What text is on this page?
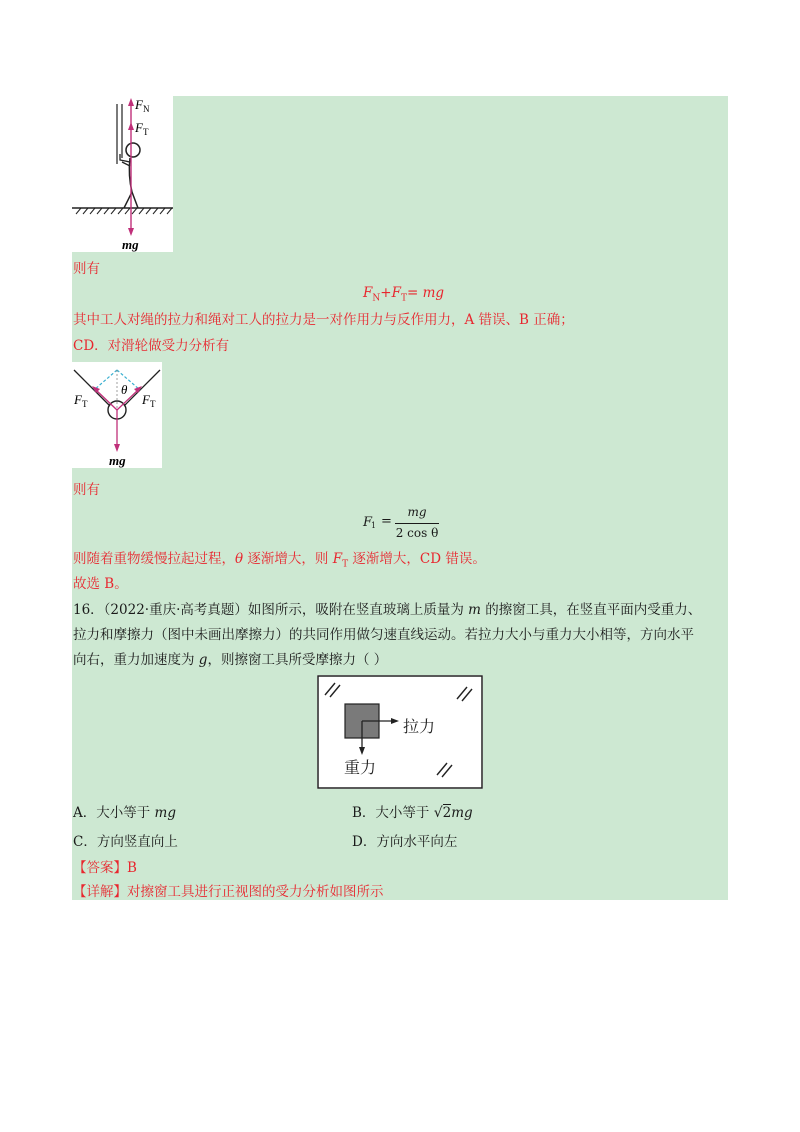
F N
F T
mg
则有
$F_N+F_T=$ mg
其中工人对绳的拉力和绳对工人的拉力是一对作用力与反作用力，A 错误、B 正确；
CD．对滑轮做受力分析有
θ
F T	F T
mg
则有
F
1 =
mg
2 cos θ
则随着重物缓慢拉起过程，θ 逐渐增大，则 $F_T$ 逐渐增大，CD 错误。
故选 B。
16．（2022·重庆·高考真题）如图所示，吸附在竖直玻璃上质量为 m 的擦窗工具，在竖直平面内受重力、
拉力和摩擦力（图中未画出摩擦力）的共同作用做匀速直线运动。若拉力大小与重力大小相等，方向水平
向右，重力加速度为 g，则擦窗工具所受摩擦力（ ）
拉力
重力
A．大小等于 mg	B．大小等于 √2mg
C．方向竖直向上	D．方向水平向左
【答案】B
【详解】对擦窗工具进行正视图的受力分析如图所示
